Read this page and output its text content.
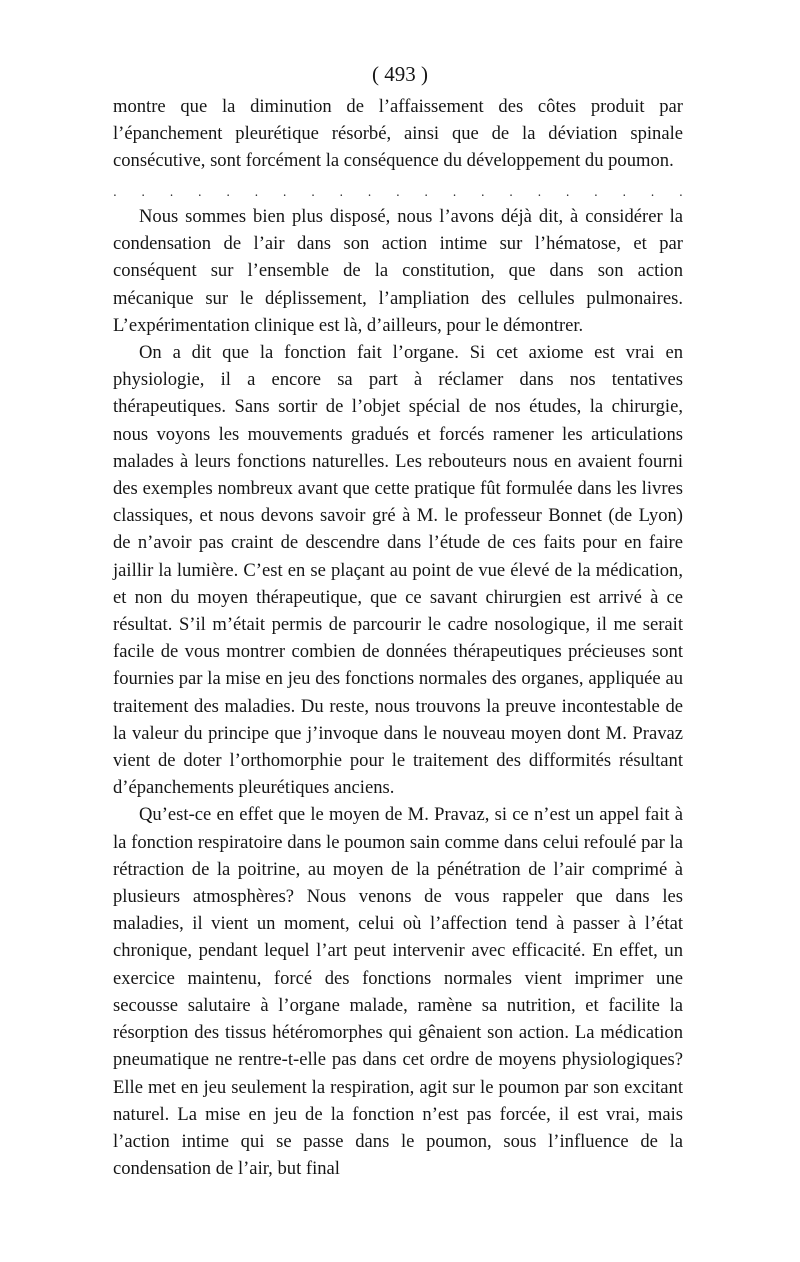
( 493 )

montre que la diminution de l’affaissement des côtes produit par l’épanchement pleurétique résorbé, ainsi que de la déviation spinale consécutive, sont forcément la conséquence du développement du poumon.

. . . . . . . . . . . . . . . . . . . . .

Nous sommes bien plus disposé, nous l’avons déjà dit, à considérer la condensation de l’air dans son action intime sur l’hématose, et par conséquent sur l’ensemble de la constitution, que dans son action mécanique sur le déplissement, l’ampliation des cellules pulmonaires. L’expérimentation clinique est là, d’ailleurs, pour le démontrer.

On a dit que la fonction fait l’organe. Si cet axiome est vrai en physiologie, il a encore sa part à réclamer dans nos tentatives thérapeutiques. Sans sortir de l’objet spécial de nos études, la chirurgie, nous voyons les mouvements gradués et forcés ramener les articulations malades à leurs fonctions naturelles. Les rebouteurs nous en avaient fourni des exemples nombreux avant que cette pratique fût formulée dans les livres classiques, et nous devons savoir gré à M. le professeur Bonnet (de Lyon) de n’avoir pas craint de descendre dans l’étude de ces faits pour en faire jaillir la lumière. C’est en se plaçant au point de vue élevé de la médication, et non du moyen thérapeutique, que ce savant chirurgien est arrivé à ce résultat. S’il m’était permis de parcourir le cadre nosologique, il me serait facile de vous montrer combien de données thérapeutiques précieuses sont fournies par la mise en jeu des fonctions normales des organes, appliquée au traitement des maladies. Du reste, nous trouvons la preuve incontestable de la valeur du principe que j’invoque dans le nouveau moyen dont M. Pravaz vient de doter l’orthomorphie pour le traitement des difformités résultant d’épanchements pleurétiques anciens.

Qu’est-ce en effet que le moyen de M. Pravaz, si ce n’est un appel fait à la fonction respiratoire dans le poumon sain comme dans celui refoulé par la rétraction de la poitrine, au moyen de la pénétration de l’air comprimé à plusieurs atmosphères? Nous venons de vous rappeler que dans les maladies, il vient un moment, celui où l’affection tend à passer à l’état chronique, pendant lequel l’art peut intervenir avec efficacité. En effet, un exercice maintenu, forcé des fonctions normales vient imprimer une secousse salutaire à l’organe malade, ramène sa nutrition, et facilite la résorption des tissus hétéromorphes qui gênaient son action. La médication pneumatique ne rentre-t-elle pas dans cet ordre de moyens physiologiques? Elle met en jeu seulement la respiration, agit sur le poumon par son excitant naturel. La mise en jeu de la fonction n’est pas forcée, il est vrai, mais l’action intime qui se passe dans le poumon, sous l’influence de la condensation de l’air, but final
